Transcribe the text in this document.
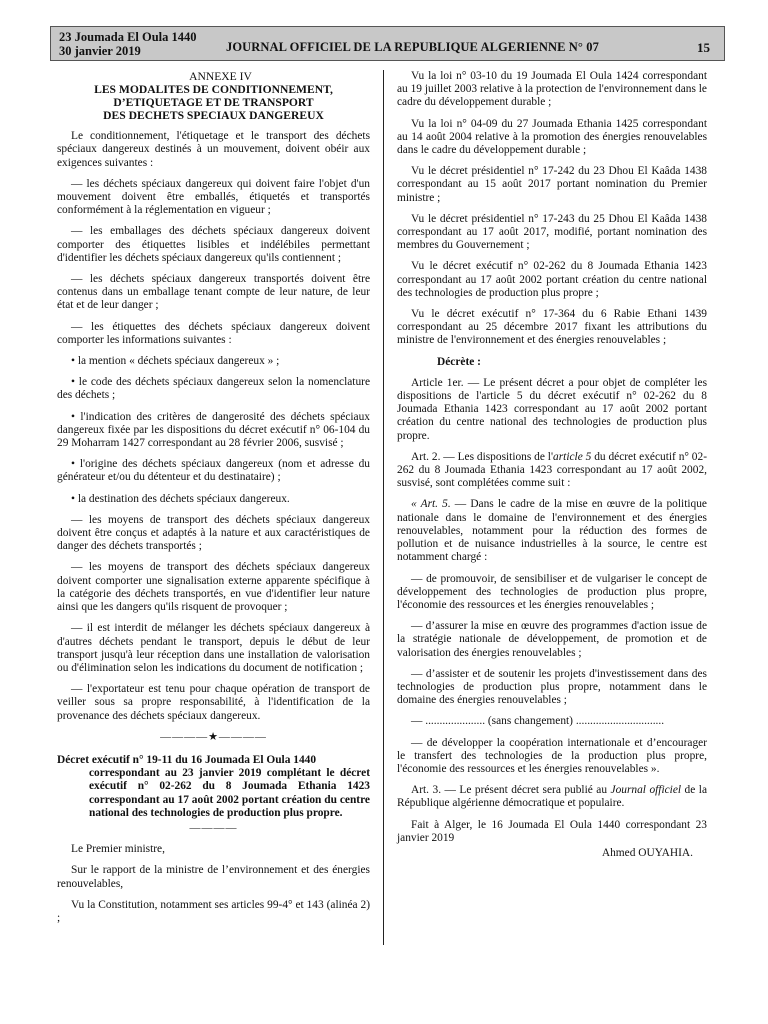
23 Joumada El Oula 1440
30 janvier 2019	JOURNAL OFFICIEL DE LA REPUBLIQUE ALGERIENNE N° 07	15

ANNEXE IV

LES MODALITES DE CONDITIONNEMENT,
D’ETIQUETAGE ET DE TRANSPORT
DES DECHETS SPECIAUX DANGEREUX

Le conditionnement, l'étiquetage et le transport des déchets spéciaux dangereux destinés à un mouvement, doivent obéir aux exigences suivantes :

— les déchets spéciaux dangereux qui doivent faire l'objet d'un mouvement doivent être emballés, étiquetés et transportés conformément à la réglementation en vigueur ;

— les emballages des déchets spéciaux dangereux doivent comporter des étiquettes lisibles et indélébiles permettant d'identifier les déchets spéciaux dangereux qu'ils contiennent ;

— les déchets spéciaux dangereux transportés doivent être contenus dans un emballage tenant compte de leur nature, de leur état et de leur danger ;

— les étiquettes des déchets spéciaux dangereux doivent comporter les informations suivantes :

• la mention « déchets spéciaux dangereux » ;

• le code des déchets spéciaux dangereux selon la nomenclature des déchets ;

• l'indication des critères de dangerosité des déchets spéciaux dangereux fixée par les dispositions du décret exécutif n° 06-104 du 29 Moharram 1427 correspondant au 28 février 2006, susvisé ;

• l'origine des déchets spéciaux dangereux (nom et adresse du générateur et/ou du détenteur et du destinataire) ;

• la destination des déchets spéciaux dangereux.

— les moyens de transport des déchets spéciaux dangereux doivent être conçus et adaptés à la nature et aux caractéristiques de danger des déchets transportés ;

— les moyens de transport des déchets spéciaux dangereux doivent comporter une signalisation externe apparente spécifique à la catégorie des déchets transportés, en vue d'identifier leur nature ainsi que les dangers qu'ils risquent de provoquer ;

— il est interdit de mélanger les déchets spéciaux dangereux à d'autres déchets pendant le transport, depuis le début de leur transport jusqu'à leur réception dans une installation de valorisation ou d'élimination selon les indications du document de notification ;

— l'exportateur est tenu pour chaque opération de transport de veiller sous sa propre responsabilité, à l'identification de la provenance des déchets spéciaux dangereux.

————★————

Décret exécutif n° 19-11 du 16 Joumada El Oula 1440
correspondant au 23 janvier 2019 complétant le décret exécutif n° 02-262 du 8 Joumada Ethania 1423 correspondant au 17 août 2002 portant création du centre national des technologies de production plus propre.

————

Le Premier ministre,

Sur le rapport de la ministre de l’environnement et des énergies renouvelables,

Vu la Constitution, notamment ses articles 99-4° et 143 (alinéa 2) ;

Vu la loi n° 03-10 du 19 Joumada El Oula 1424 correspondant au 19 juillet 2003 relative à la protection de l'environnement dans le cadre du développement durable ;

Vu la loi n° 04-09 du 27 Joumada Ethania 1425 correspondant au 14 août 2004 relative à la promotion des énergies renouvelables dans le cadre du développement durable ;

Vu le décret présidentiel n° 17-242 du 23 Dhou El Kaâda 1438 correspondant au 15 août 2017 portant nomination du Premier ministre ;

Vu le décret présidentiel n° 17-243 du 25 Dhou El Kaâda 1438 correspondant au 17 août 2017, modifié, portant nomination des membres du Gouvernement ;

Vu le décret exécutif n° 02-262 du 8 Joumada Ethania 1423 correspondant au 17 août 2002 portant création du centre national des technologies de production plus propre ;

Vu le décret exécutif n° 17-364 du 6 Rabie Ethani 1439 correspondant au 25 décembre 2017 fixant les attributions du ministre de l'environnement et des énergies renouvelables ;

Décrète :

Article 1er. — Le présent décret a pour objet de compléter les dispositions de l'article 5 du décret exécutif n° 02-262 du 8 Joumada Ethania 1423 correspondant au 17 août 2002 portant création du centre national des technologies de production plus propre.

Art. 2. — Les dispositions de l'article 5 du décret exécutif n° 02-262 du 8 Joumada Ethania 1423 correspondant au 17 août 2002, susvisé, sont complétées comme suit :

« Art. 5. — Dans le cadre de la mise en œuvre de la politique nationale dans le domaine de l'environnement et des énergies renouvelables, notamment pour la réduction des formes de pollution et de nuisance industrielles à la source, le centre est notamment chargé :

— de promouvoir, de sensibiliser et de vulgariser le concept de développement des technologies de production plus propre, l'économie des ressources et les énergies renouvelables ;

— d’assurer la mise en œuvre des programmes d'action issue de la stratégie nationale de développement, de promotion et de valorisation des énergies renouvelables ;

— d’assister et de soutenir les projets d'investissement dans des technologies de production plus propre, notamment dans le domaine des énergies renouvelables ;

— ..................... (sans changement) ...............................

— de développer la coopération internationale et d’encourager le transfert des technologies de la production plus propre, l'économie des ressources et les énergies renouvelables ».

Art. 3. — Le présent décret sera publié au Journal officiel de la République algérienne démocratique et populaire.

Fait à Alger, le 16 Joumada El Oula 1440 correspondant 23 janvier 2019

Ahmed OUYAHIA.
